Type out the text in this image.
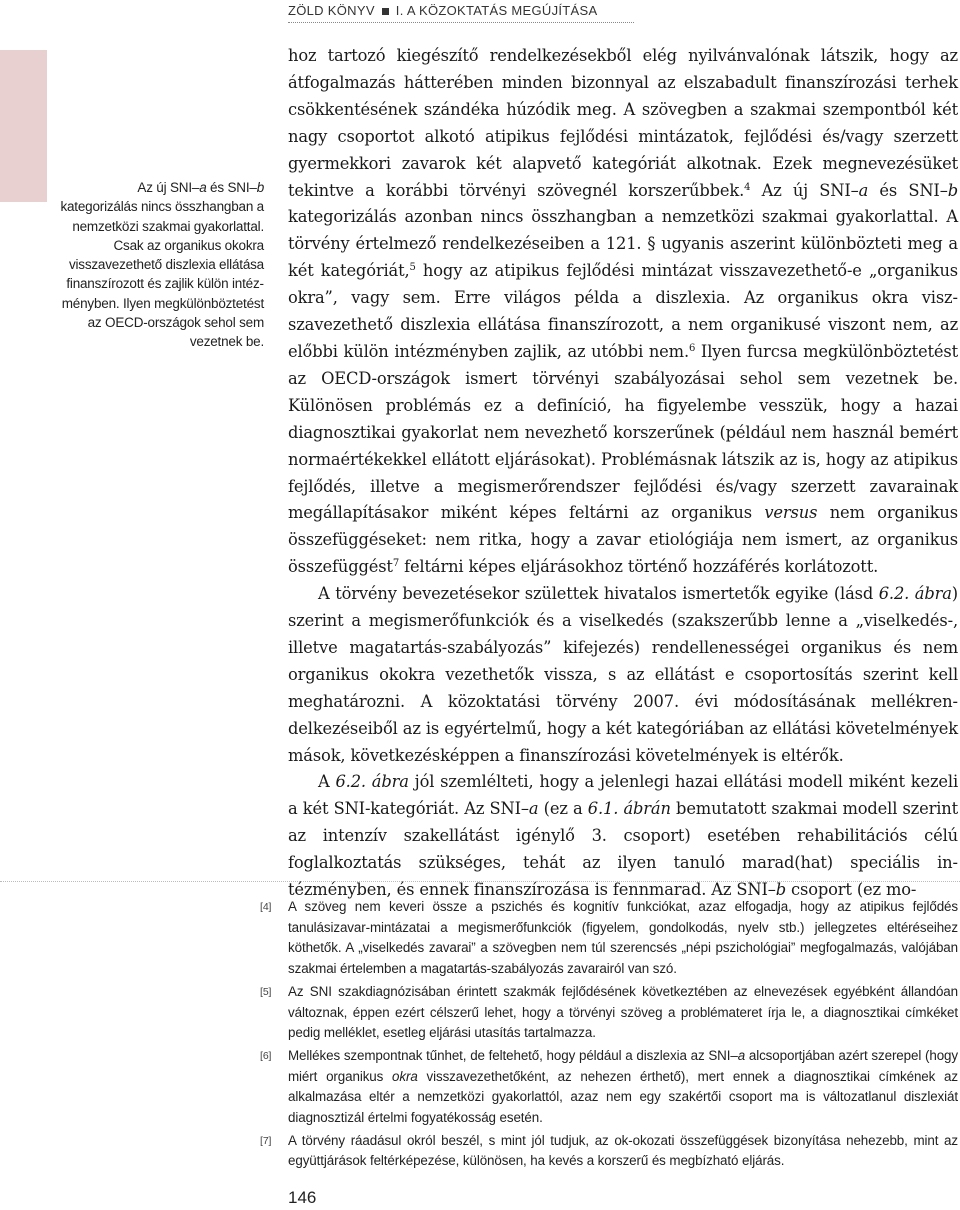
ZÖLD KÖNYV I. A KÖZOKTATÁS MEGÚJÍTÁSA
Az új SNI–a és SNI–b kategorizálás nincs összhangban a nemzetközi szakmai gyakorlattal. Csak az organikus okokra visszavezethető diszlexia ellátása finanszírozott és zajlik külön intézményben. Ilyen megkülönböztetést az OECD-országok sehol sem vezetnek be.

hoz tartozó kiegészítő rendelkezésekből elég nyilvánvalónak látszik, hogy az átfogalmazás hátterében minden bizonnyal az elszabadult finanszírozási terhek csökkentésének szándéka húzódik meg. A szövegben a szakmai szempontból két nagy csoportot alkotó atipikus fejlődési mintázatok, fejlődési és/vagy szerzett gyermekkori zavarok két alapvető kategóriát alkotnak. Ezek megnevezésüket tekintve a korábbi törvényi szövegnél korszerűbbek.$^4$ Az új SNI–a és SNI–b kategorizálás azonban nincs összhangban a nemzetközi szakmai gyakorlattal. A törvény értelmező rendelkezéseiben a 121. § ugyanis aszerint különbözteti meg a két kategóriát,$^5$ hogy az atipikus fejlődési mintázat visszavezethető-e „organikus okra”, vagy sem. Erre világos példa a diszlexia. Az organikus okra viszszavezethető diszlexia ellátása finanszírozott, a nem organikusé viszont nem, az előbbi külön intézményben zajlik, az utóbbi nem.$^6$ Ilyen furcsa megkülönböztetést az OECD-országok ismert törvényi szabályozásai sehol sem vezetnek be. Különösen problémás ez a definíció, ha figyelembe vesszük, hogy a hazai diagnosztikai gyakorlat nem nevezhető korszerűnek (például nem használ bemért normaértékekkel ellátott eljárásokat). Problémásnak látszik az is, hogy az atipikus fejlődés, illetve a megismerőrendszer fejlődési és/vagy szerzett zavarainak megállapításakor miként képes feltárni az organikus versus nem organikus összefüggéseket: nem ritka, hogy a zavar etiológiája nem ismert, az organikus összefüggést$^7$ feltárni képes eljárásokhoz történő hozzáférés korlátozott.

A törvény bevezetésekor születtek hivatalos ismertetők egyike (lásd 6.2. ábra) szerint a megismerőfunkciók és a viselkedés (szakszerűbb lenne a „viselkedés-, illetve magatartás-szabályozás” kifejezés) rendellenességei organikus és nem organikus okokra vezethetők vissza, s az ellátást e csoportosítás szerint kell meghatározni. A közoktatási törvény 2007. évi módosításának mellékrendelkezéseiből az is egyértelmű, hogy a két kategóriában az ellátási követelmények mások, következésképpen a finanszírozási követelmények is eltérők.

A 6.2. ábra jól szemlélteti, hogy a jelenlegi hazai ellátási modell miként kezeli a két SNI-kategóriát. Az SNI–a (ez a 6.1. ábrán bemutatott szakmai modell szerint az intenzív szakellátást igénylő 3. csoport) esetében rehabilitációs célú foglalkoztatás szükséges, tehát az ilyen tanuló marad(hat) speciális intézményben, és ennek finanszírozása is fennmarad. Az SNI–b csoport (ez mo-

[4]	A szöveg nem keveri össze a pszichés és kognitív funkciókat, azaz elfogadja, hogy az atipikus fejlődés tanulásizavar-mintázatai a megismerőfunkciók (figyelem, gondolkodás, nyelv stb.) jellegzetes eltéréseihez köthetők. A „viselkedés zavarai” a szövegben nem túl szerencsés „népi pszichológiai” megfogalmazás, valójában szakmai értelemben a magatartás-szabályozás zavarairól van szó.
[5]	Az SNI szakdiagnózisában érintett szakmák fejlődésének következtében az elnevezések egyébként állandóan változnak, éppen ezért célszerű lehet, hogy a törvényi szöveg a problémateret írja le, a diagnosztikai címkéket pedig melléklet, esetleg eljárási utasítás tartalmazza.
[6]	Mellékes szempontnak tűnhet, de feltehető, hogy például a diszlexia az SNI–a alcsoportjában azért szerepel (hogy miért organikus okra visszavezethetőként, az nehezen érthető), mert ennek a diagnosztikai címkének az alkalmazása eltér a nemzetközi gyakorlattól, azaz nem egy szakértői csoport ma is változatlanul diszlexiát diagnosztizál értelmi fogyatékosság esetén.
[7]	A törvény ráadásul okról beszél, s mint jól tudjuk, az ok-okozati összefüggések bizonyítása nehezebb, mint az együttjárások feltérképezése, különösen, ha kevés a korszerű és megbízható eljárás.
146
